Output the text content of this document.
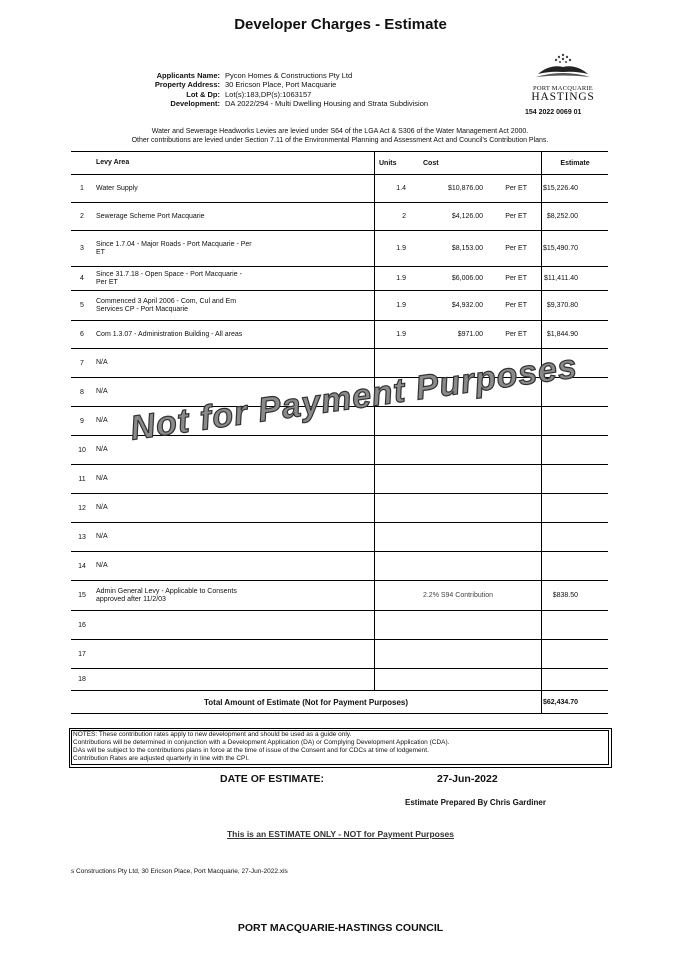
Developer Charges - Estimate
Applicants Name: Pycon Homes & Constructions Pty Ltd
Property Address: 30 Ericson Place, Port Macquarie
Lot & Dp: Lot(s):183,DP(s):1063157
Development: DA 2022/294 - Multi Dwelling Housing and Strata Subdivision
PORT MACQUARIE
HASTINGS
154 2022 0069 01
Water and Sewerage Headworks Levies are levied under S64 of the LGA Act & S306 of the Water Management Act 2000.
Other contributions are levied under Section 7.11 of the Environmental Planning and Assessment Act and Council's Contribution Plans.
	Levy Area	Units	Cost		Estimate
1	Water Supply	1.4	$10,876.00	Per ET	$15,226.40
2	Sewerage Scheme Port Macquarie	2	$4,126.00	Per ET	$8,252.00
3	Since 1.7.04 - Major Roads - Port Macquarie - Per ET	1.9	$8,153.00	Per ET	$15,490.70
4	Since 31.7.18 - Open Space - Port Macquarie - Per ET	1.9	$6,006.00	Per ET	$11,411.40
5	Commenced 3 April 2006 - Com, Cul and Em Services CP - Port Macquarie	1.9	$4,932.00	Per ET	$9,370.80
6	Com 1.3.07 - Administration Building - All areas	1.9	$971.00	Per ET	$1,844.90
7	N/A				
8	N/A				
9	N/A				
10	N/A				
11	N/A				
12	N/A				
13	N/A				
14	N/A				
15	Admin General Levy - Applicable to Consents approved after 11/2/03	2.2% S94 Contribution			$838.50
16					
17					
18					
Total Amount of Estimate (Not for Payment Purposes)					$62,434.70
Not for Payment Purposes
NOTES: These contribution rates apply to new development and should be used as a guide only.
Contributions will be determined in conjunction with a Development Application (DA) or Complying Development Application (CDA).
DAs will be subject to the contributions plans in force at the time of issue of the Consent and for CDCs at time of lodgement.
Contribution Rates are adjusted quarterly in line with the CPI.
DATE OF ESTIMATE:	27-Jun-2022
Estimate Prepared By Chris Gardiner
This is an ESTIMATE ONLY - NOT for Payment Purposes
s Constructions Pty Ltd, 30 Ericson Place, Port Macquarie, 27-Jun-2022.xls
PORT MACQUARIE-HASTINGS COUNCIL
